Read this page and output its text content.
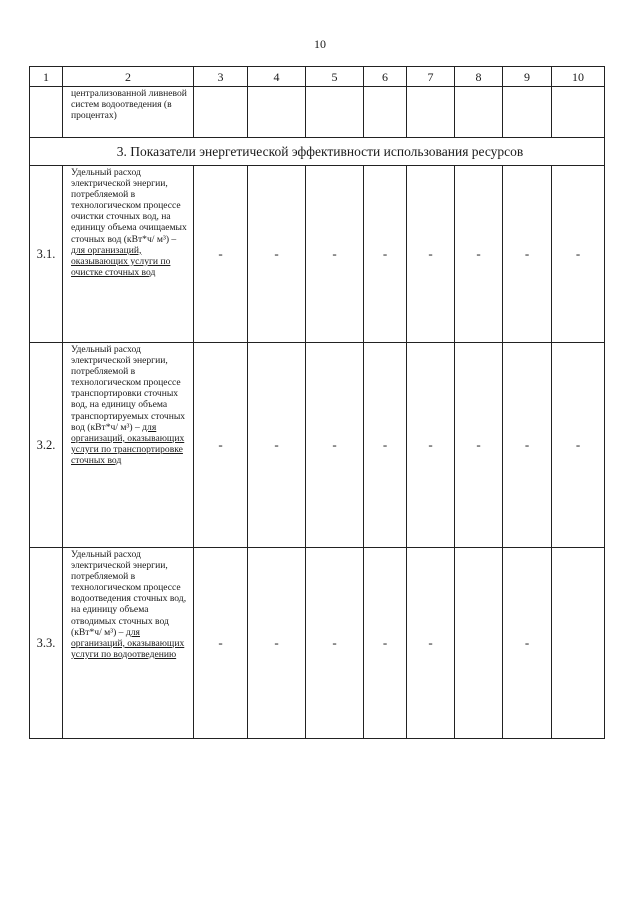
10
1	2	3	4	5	6	7	8	9	10
	централизованной ливневой систем водоотведения (в процентах)								
3. Показатели энергетической эффективности использования ресурсов									
3.1.	Удельный расход электрической энергии, потребляемой в технологическом процессе очистки сточных вод, на единицу объема очищаемых сточных вод (кВт*ч/ м³) – для организаций, оказывающих услуги по очистке сточных вод	-	-	-	-	-	-	-	-
3.2.	Удельный расход электрической энергии, потребляемой в технологическом процессе транспортировки сточных вод, на единицу объема транспортируемых сточных вод (кВт*ч/ м³) – для организаций, оказывающих услуги по транспортировке сточных вод	-	-	-	-	-	-	-	-
3.3.	Удельный расход электрической энергии, потребляемой в технологическом процессе водоотведения сточных вод, на единицу объема отводимых сточных вод (кВт*ч/ м³) – для организаций, оказывающих услуги по водоотведению	-	-	-	-	-		-	
